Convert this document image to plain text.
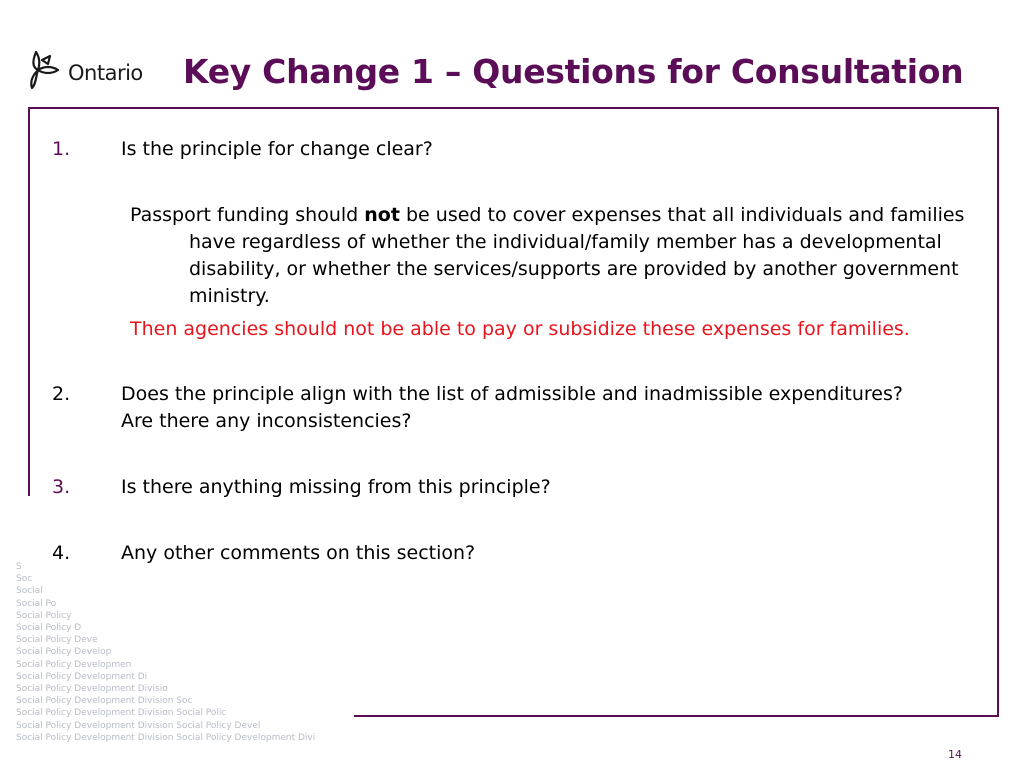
Ontario Key Change 1 – Questions for Consultation
1.	Is the principle for change clear?
Passport funding should not be used to cover expenses that all individuals and families have regardless of whether the individual/family member has a developmental disability, or whether the services/supports are provided by another government ministry.
Then agencies should not be able to pay or subsidize these expenses for families.
2.	Does the principle align with the list of admissible and inadmissible expenditures?
Are there any inconsistencies?
3.	Is there anything missing from this principle?
4.	Any other comments on this section?
S
Soc
Social
Social Po
Social Policy
Social Policy D
Social Policy Deve
Social Policy Develop
Social Policy Developmen
Social Policy Development Di
Social Policy Development Divisio
Social Policy Development Division Soc
Social Policy Development Division Social Polic
Social Policy Development Division Social Policy Devel
Social Policy Development Division Social Policy Development Divi
14
